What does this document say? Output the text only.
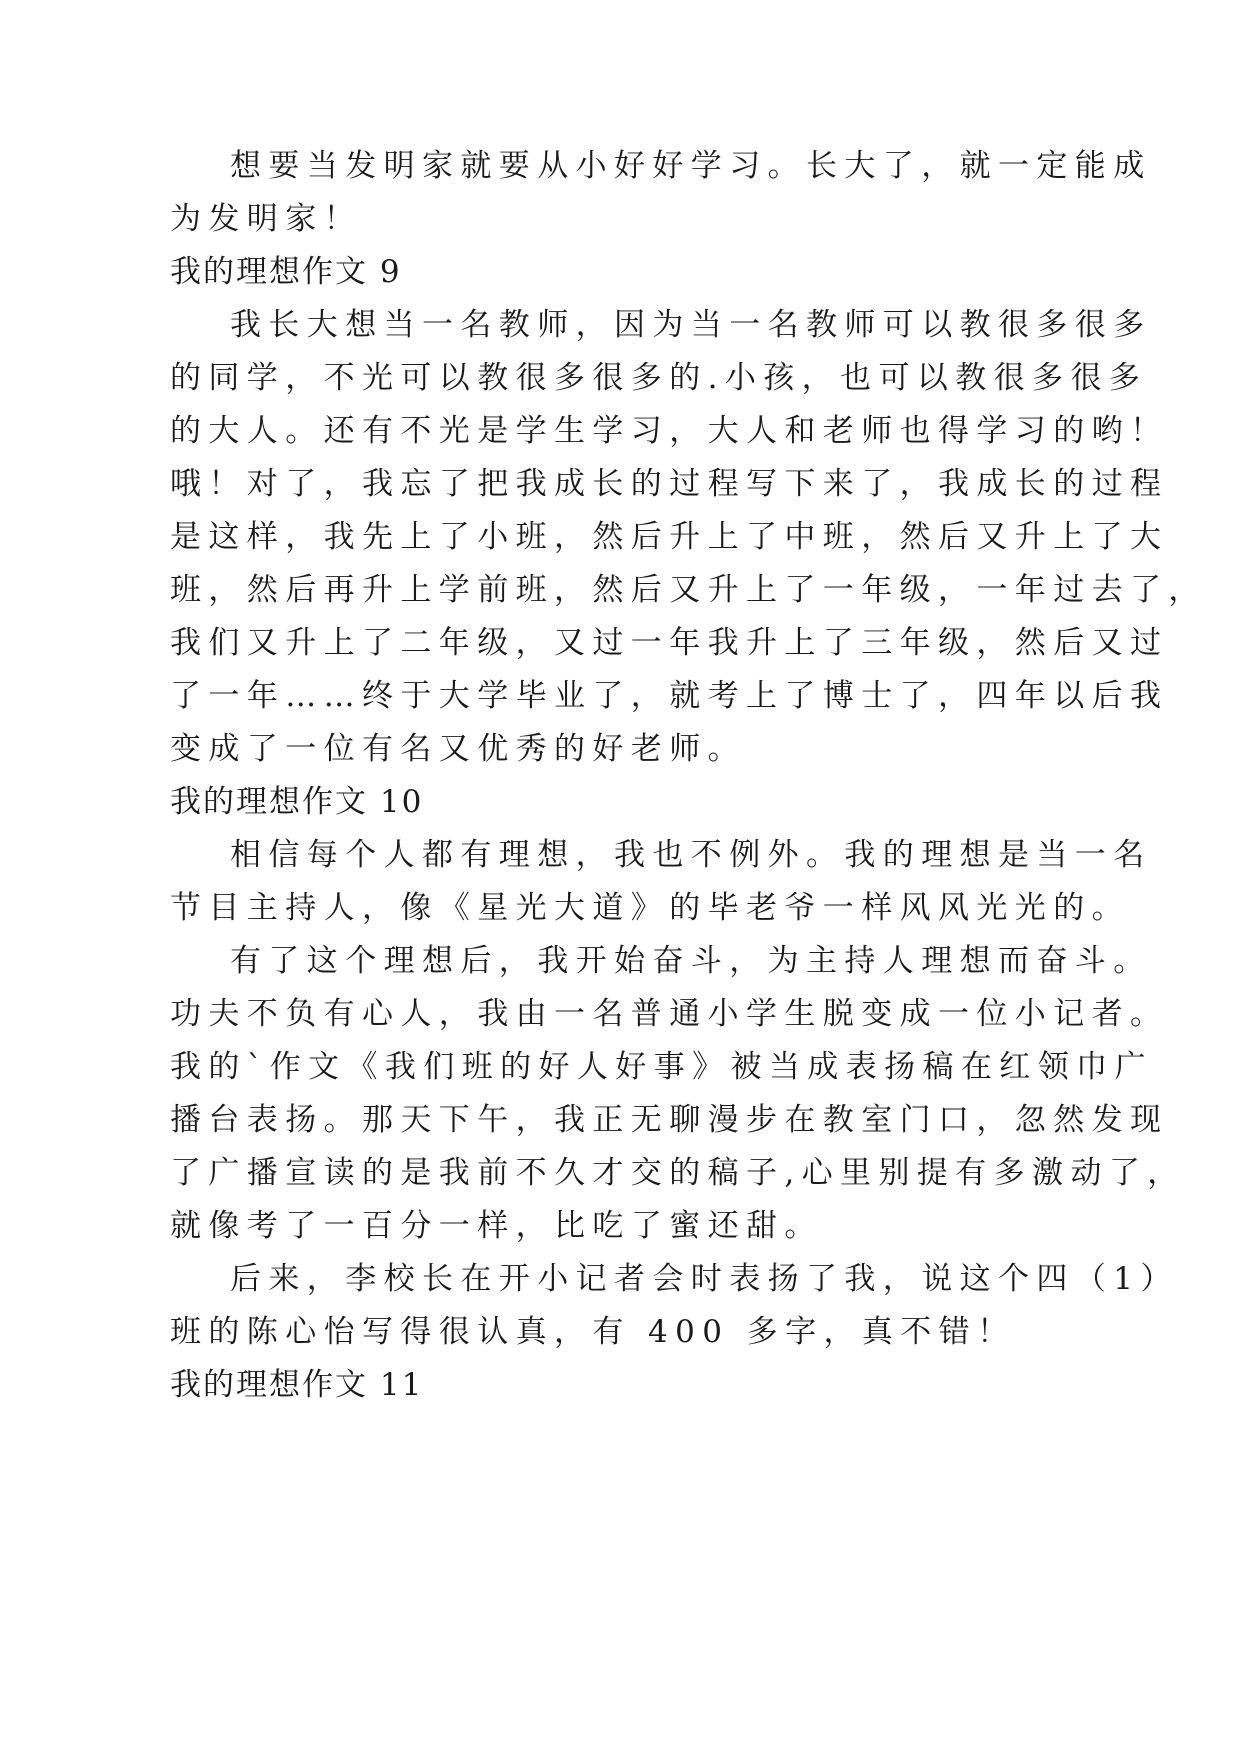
想要当发明家就要从小好好学习。长大了，就一定能成
为发明家！
我的理想作文 9
我长大想当一名教师，因为当一名教师可以教很多很多
的同学，不光可以教很多很多的.小孩，也可以教很多很多
的大人。还有不光是学生学习，大人和老师也得学习的哟！
哦！对了，我忘了把我成长的过程写下来了，我成长的过程
是这样，我先上了小班，然后升上了中班，然后又升上了大
班，然后再升上学前班，然后又升上了一年级，一年过去了，
我们又升上了二年级，又过一年我升上了三年级，然后又过
了一年……终于大学毕业了，就考上了博士了，四年以后我
变成了一位有名又优秀的好老师。
我的理想作文 10
相信每个人都有理想，我也不例外。我的理想是当一名
节目主持人，像《星光大道》的毕老爷一样风风光光的。
有了这个理想后，我开始奋斗，为主持人理想而奋斗。
功夫不负有心人，我由一名普通小学生脱变成一位小记者。
我的`作文《我们班的好人好事》被当成表扬稿在红领巾广
播台表扬。那天下午，我正无聊漫步在教室门口，忽然发现
了广播宣读的是我前不久才交的稿子,心里别提有多激动了，
就像考了一百分一样，比吃了蜜还甜。
后来，李校长在开小记者会时表扬了我，说这个四（1）
班的陈心怡写得很认真，有 400 多字，真不错！
我的理想作文 11
